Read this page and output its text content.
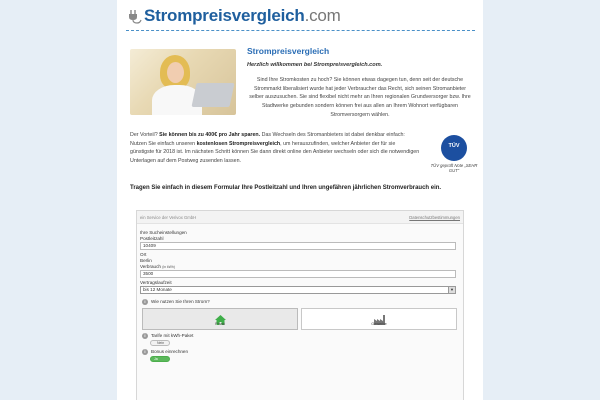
Strompreisvergleich .com
Strompreisvergleich
Herzlich willkommen bei Strompreisvergleich.com.
Sind Ihre Stromkosten zu hoch? Sie können etwas dagegen tun, denn seit der deutsche Strommarkt liberalisiert wurde hat jeder Verbraucher das Recht, sich seinen Stromanbieter selber auszusuchen. Sie sind flexibel nicht mehr an Ihren regionalen Grundversorger bzw. Ihre Stadtwerke gebunden sondern können frei aus allen an Ihrem Wohnort verfügbaren Stromversorgern wählen.
Der Vorteil? Sie können bis zu 400€ pro Jahr sparen. Das Wechseln des Stromanbieters ist dabei denkbar einfach: Nutzen Sie einfach unseren kostenlosen Strompreisvergleich, um herauszufinden, welcher Anbieter der für sie günstigste für 2018 ist. Im nächsten Schritt können Sie dann direkt online den Anbieter wechseln oder sich die notwendigen Unterlagen auf dem Postweg zusenden lassen.
TÜV
TÜV geprüft Note „SEHR GUT“
Tragen Sie einfach in diesem Formular Ihre Postleitzahl und Ihren ungefähren jährlichen Stromverbrauch ein.
ein Service der Verivox GmbH	Datenschutzbestimmungen
Ihre Sucheinstellungen
Postleitzahl
10409
Ort
Berlin
Verbrauch (in kWh)
3500
Vertragslaufzeit
bis 12 Monate	▼
i	Wie nutzen Sie Ihren Strom?
Privat	Gewerbe
i	Tarife mit kWh-Paket
Nein
i	Bonus einrechnen
Ja
